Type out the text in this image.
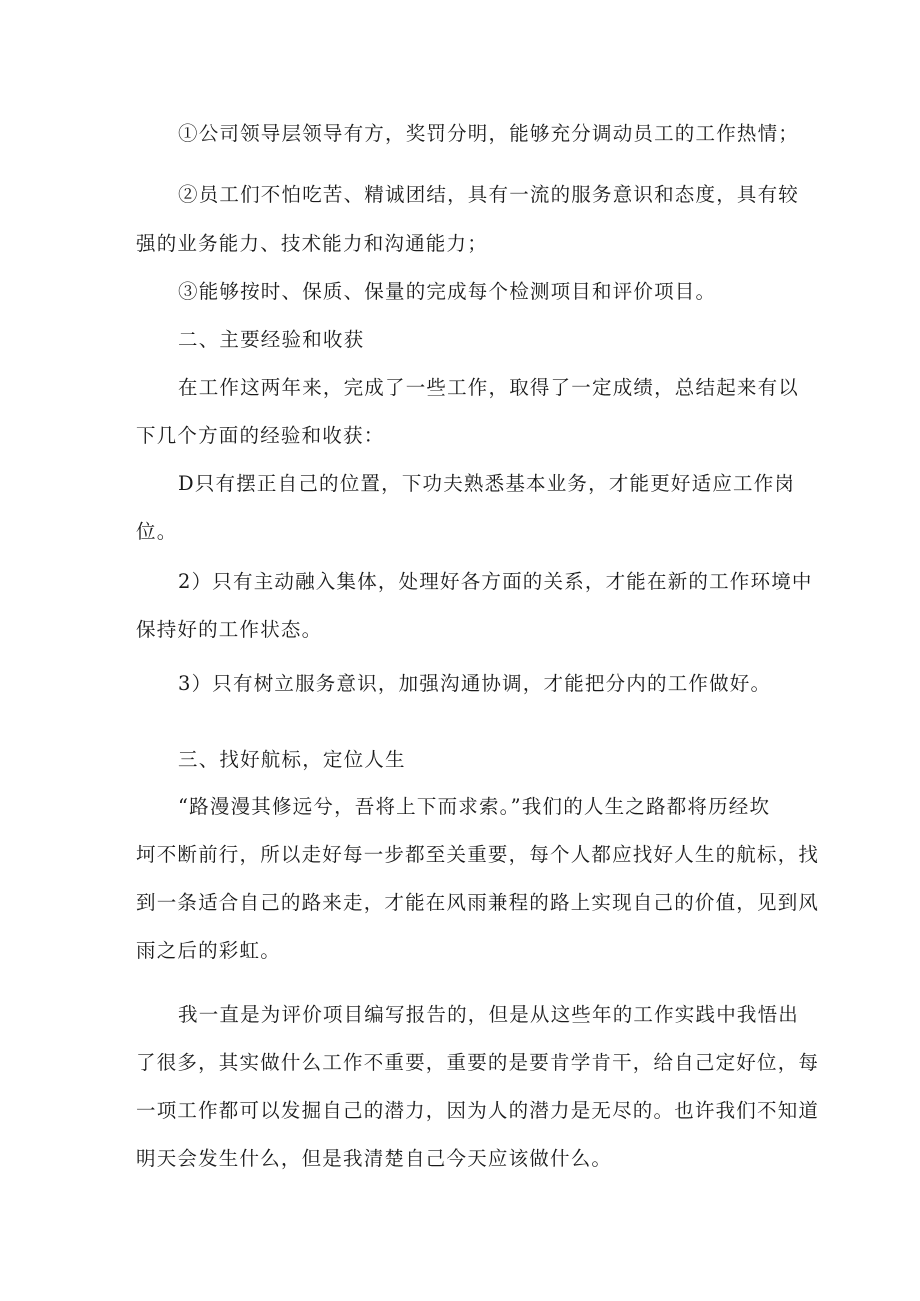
①公司领导层领导有方，奖罚分明，能够充分调动员工的工作热情；
②员工们不怕吃苦、精诚团结，具有一流的服务意识和态度，具有较
强的业务能力、技术能力和沟通能力；
③能够按时、保质、保量的完成每个检测项目和评价项目。
二、主要经验和收获
在工作这两年来，完成了一些工作，取得了一定成绩，总结起来有以
下几个方面的经验和收获：
D只有摆正自己的位置，下功夫熟悉基本业务，才能更好适应工作岗
位。
2）只有主动融入集体，处理好各方面的关系，才能在新的工作环境中
保持好的工作状态。
3）只有树立服务意识，加强沟通协调，才能把分内的工作做好。
三、找好航标，定位人生
“路漫漫其修远兮，吾将上下而求索。”我们的人生之路都将历经坎
坷不断前行，所以走好每一步都至关重要，每个人都应找好人生的航标，找
到一条适合自己的路来走，才能在风雨兼程的路上实现自己的价值，见到风
雨之后的彩虹。
我一直是为评价项目编写报告的，但是从这些年的工作实践中我悟出
了很多，其实做什么工作不重要，重要的是要肯学肯干，给自己定好位，每
一项工作都可以发掘自己的潜力，因为人的潜力是无尽的。也许我们不知道
明天会发生什么，但是我清楚自己今天应该做什么。
